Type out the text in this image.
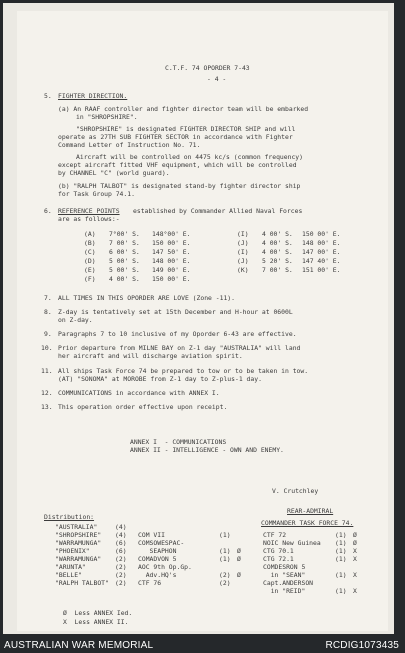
C.T.F. 74 OPORDER 7-43
- 4 -
5. FIGHTER DIRECTION.
(a) An RAAF controller and fighter director team will be embarked
in "SHROPSHIRE".
"SHROPSHIRE" is designated FIGHTER DIRECTOR SHIP and will
operate as 27TH SUB FIGHTER SECTOR in accordance with Fighter
Command Letter of Instruction No. 71.
Aircraft will be controlled on 4475 kc/s (common frequency)
except aircraft fitted VHF equipment, which will be controlled
by CHANNEL "C" (world guard).
(b) "RALPH TALBOT" is designated stand-by fighter director ship
for Task Group 74.1.
6. REFERENCE POINTS established by Commander Allied Naval Forces
are as follows:-
(A) 7°00' S. 148°00' E.
(B) 7 00' S. 150 00' E.
(C) 6 00' S. 147 50' E.
(D) 5 00' S. 148 00' E.
(E) 5 00' S. 149 00' E.
(F) 4 00' S. 150 00' E.
(I) 4 00' S. 150 00' E.
(J) 4 00' S. 148 00' E.
(I) 4 00' S. 147 00' E.
(J) 5 20' S. 147 40' E.
(K) 7 00' S. 151 00' E.
7. ALL TIMES IN THIS OPORDER ARE LOVE (Zone -11).
8. Z-day is tentatively set at 15th December and H-hour at 0600L
on Z-day.
9. Paragraphs 7 to 10 inclusive of my Oporder 6-43 are effective.
10. Prior departure from MILNE BAY on Z-1 day "AUSTRALIA" will land
her aircraft and will discharge aviation spirit.
11. All ships Task Force 74 be prepared to tow or to be taken in tow.
(AT) "SONOMA" at MOROBE from Z-1 day to Z-plus-1 day.
12. COMMUNICATIONS in accordance with ANNEX I.
13. This operation order effective upon receipt.
ANNEX I  - COMMUNICATIONS
ANNEX II - INTELLIGENCE - OWN AND ENEMY.
V. Crutchley
REAR-ADMIRAL
COMMANDER TASK FORCE 74.
Distribution:
"AUSTRALIA"	(4)
"SHROPSHIRE" (4)
"WARRAMUNGA" (6)
"PHOENIX"	(6)
"WARRAMUNGA" (2)
"ARUNTA"	(2)
"BELLE"	(2)
"RALPH TALBOT" (2)
COM VII	(1)
COMSOWESPAC-
SEAPHON	(1) Ø
COMADVON 5	(1) Ø
AOC 9th Op.Gp.
Adv.HQ's	(2) Ø
CTF 76	(2)
CTF 72	(1) Ø
NOIC New Guinea (1) Ø
CTG 70.1	(1) X
CTG 72.1	(1) X
COMDESRON 5
in "SEAN"	(1) X
Capt.ANDERSON
in "REID"	(1) X
Ø  Less ANNEX Ied.
X  Less ANNEX II.
AUSTRALIAN WAR MEMORIAL	RCDIG1073435
